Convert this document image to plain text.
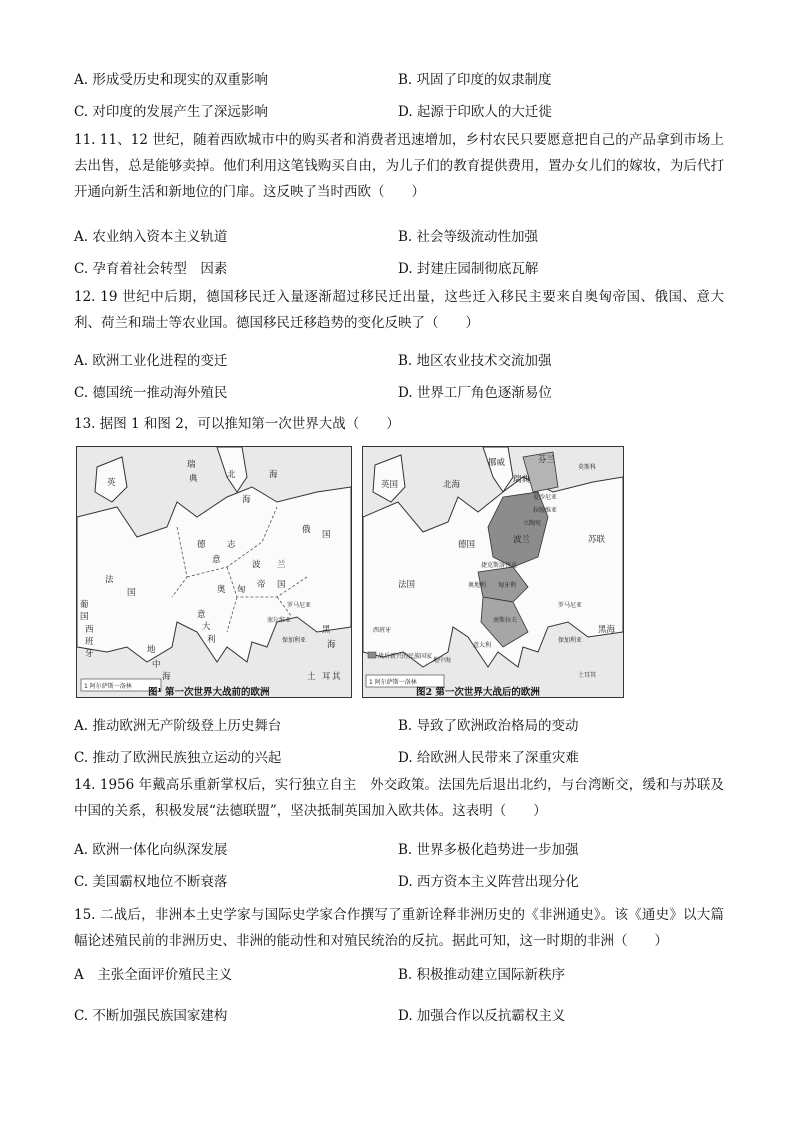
A. 形成受历史和现实的双重影响	B. 巩固了印度的奴隶制度
C. 对印度的发展产生了深远影响	D. 起源于印欧人的大迁徙
11. 11、12 世纪，随着西欧城市中的购买者和消费者迅速增加，乡村农民只要愿意把自己的产品拿到市场上去出售，总是能够卖掉。他们利用这笔钱购买自由，为儿子们的教育提供费用，置办女儿们的嫁妆，为后代打开通向新生活和新地位的门扉。这反映了当时西欧（　　）
A. 农业纳入资本主义轨道	B. 社会等级流动性加强
C. 孕育着社会转型　因素	D. 封建庄园制彻底瓦解
12. 19 世纪中后期，德国移民迁入量逐渐超过移民迁出量，这些迁入移民主要来自奥匈帝国、俄国、意大利、荷兰和瑞士等农业国。德国移民迁移趋势的变化反映了（　　）
A. 欧洲工业化进程的变迁	B. 地区农业技术交流加强
C. 德国统一推动海外殖民	D. 世界工厂角色逐渐易位
13. 据图 1 和图 2，可以推知第一次世界大战（　　）
1 阿尔萨斯一洛林
北
海
瑞
典	海
俄 国
英
法
国
德
意
志
波 兰
奥 匈 帝 国
意
大
利
西
班
牙
罗马尼亚
保加利亚
塞尔维亚
黑
海
地
中
海	土 耳 其
葡
国
图¹ 第一次世界大战前的欧洲
1 阿尔萨斯一洛林
战后新兴的民族国家
莫斯科
芬兰
苏联
爱沙尼亚
拉脱维亚
立陶宛
波兰
德国
法国
英国
奥地利 匈牙利
罗马尼亚
保加利亚
南斯拉夫
捷克斯洛伐克
西班牙
意大利
黑海
地中海
土耳其
挪威
瑞典
北海
图2 第一次世界大战后的欧洲
A. 推动欧洲无产阶级登上历史舞台	B. 导致了欧洲政治格局的变动
C. 推动了欧洲民族独立运动的兴起	D. 给欧洲人民带来了深重灾难
14. 1956 年戴高乐重新掌权后，实行独立自主　外交政策。法国先后退出北约，与台湾断交，缓和与苏联及中国的关系，积极发展“法德联盟”，坚决抵制英国加入欧共体。这表明（　　）
A. 欧洲一体化向纵深发展	B. 世界多极化趋势进一步加强
C. 美国霸权地位不断衰落	D. 西方资本主义阵营出现分化
15. 二战后，非洲本土史学家与国际史学家合作撰写了重新诠释非洲历史的《非洲通史》。该《通史》以大篇幅论述殖民前的非洲历史、非洲的能动性和对殖民统治的反抗。据此可知，这一时期的非洲（　　）
A　主张全面评价殖民主义	B. 积极推动建立国际新秩序
C. 不断加强民族国家建构	D. 加强合作以反抗霸权主义
